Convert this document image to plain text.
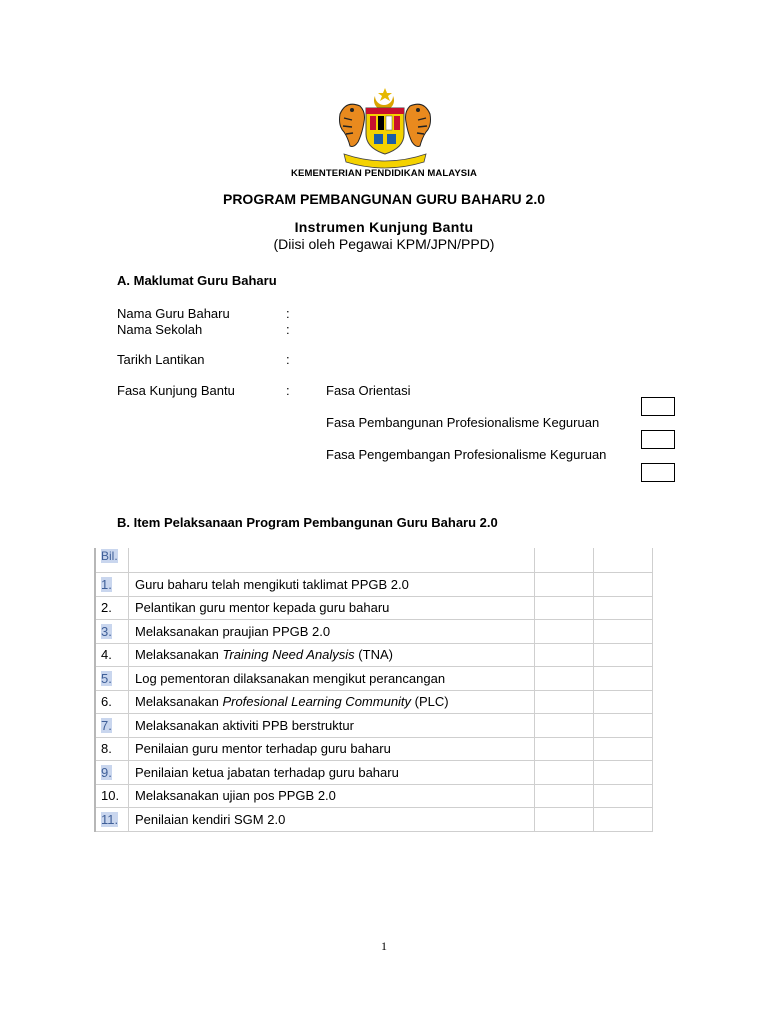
KEMENTERIAN PENDIDIKAN MALAYSIA
PROGRAM PEMBANGUNAN GURU BAHARU 2.0
Instrumen Kunjung Bantu
(Diisi oleh Pegawai KPM/JPN/PPD)
A. Maklumat Guru Baharu
Nama Guru Baharu	:
Nama Sekolah	:
Tarikh Lantikan	:
Fasa Kunjung Bantu	:	Fasa Orientasi
Fasa Pembangunan Profesionalisme Keguruan
Fasa Pengembangan Profesionalisme Keguruan
B. Item Pelaksanaan Program Pembangunan Guru Baharu 2.0
Bil.			
1.	Guru baharu telah mengikuti taklimat PPGB 2.0		
2.	Pelantikan guru mentor kepada guru baharu		
3.	Melaksanakan praujian PPGB 2.0		
4.	Melaksanakan Training Need Analysis (TNA)		
5.	Log pementoran dilaksanakan mengikut perancangan		
6.	Melaksanakan Profesional Learning Community (PLC)		
7.	Melaksanakan aktiviti PPB berstruktur		
8.	Penilaian guru mentor terhadap guru baharu		
9.	Penilaian ketua jabatan terhadap guru baharu		
10.	Melaksanakan ujian pos PPGB 2.0		
11.	Penilaian kendiri SGM 2.0		
1
